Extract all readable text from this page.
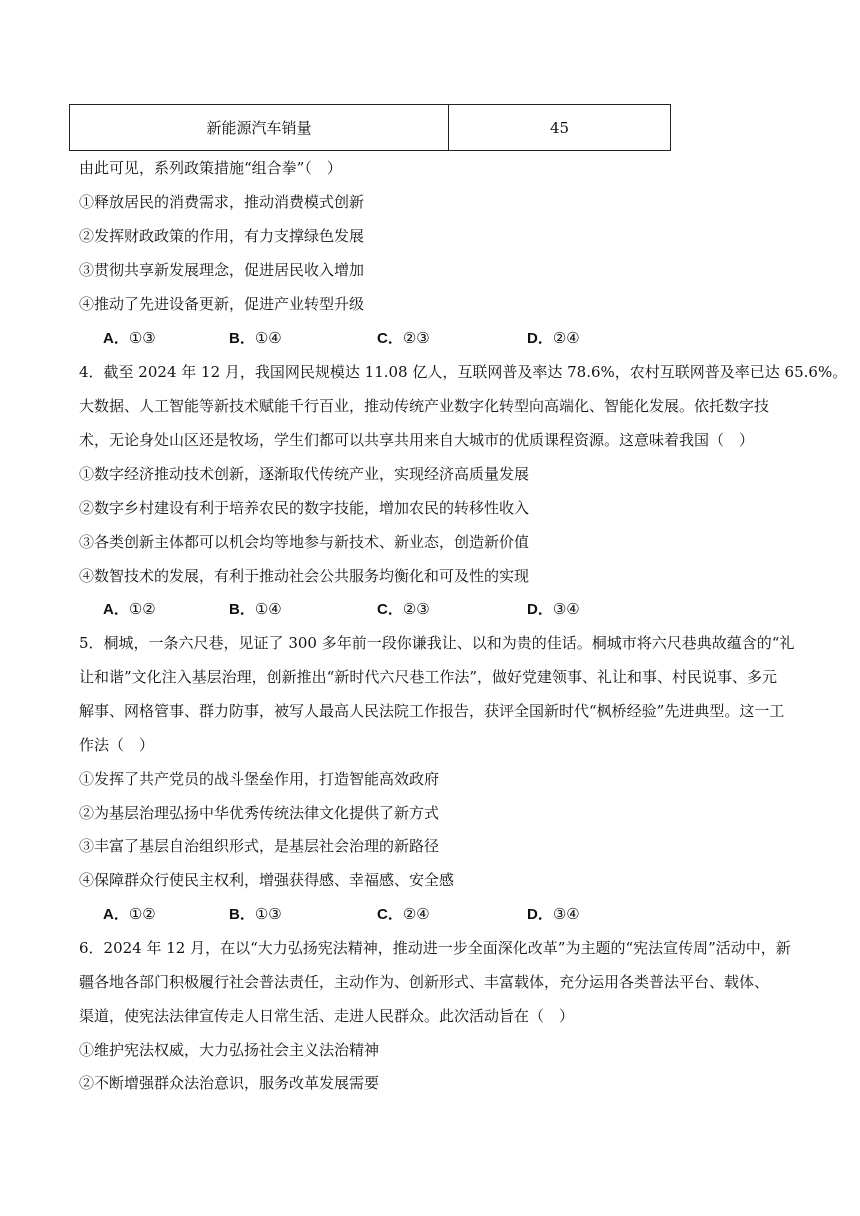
新能源汽车销量	45
由此可见，系列政策措施“组合拳”（　）
①释放居民的消费需求，推动消费模式创新
②发挥财政政策的作用，有力支撑绿色发展
③贯彻共享新发展理念，促进居民收入增加
④推动了先进设备更新，促进产业转型升级
A．①③	B．①④	C．②③	D．②④
4．截至 2024 年 12 月，我国网民规模达 11.08 亿人，互联网普及率达 78.6%，农村互联网普及率已达 65.6%。
大数据、人工智能等新技术赋能千行百业，推动传统产业数字化转型向高端化、智能化发展。依托数字技
术，无论身处山区还是牧场，学生们都可以共享共用来自大城市的优质课程资源。这意味着我国（　）
①数字经济推动技术创新，逐渐取代传统产业，实现经济高质量发展
②数字乡村建设有利于培养农民的数字技能，增加农民的转移性收入
③各类创新主体都可以机会均等地参与新技术、新业态，创造新价值
④数智技术的发展，有利于推动社会公共服务均衡化和可及性的实现
A．①②	B．①④	C．②③	D．③④
5．桐城，一条六尺巷，见证了 300 多年前一段你谦我让、以和为贵的佳话。桐城市将六尺巷典故蕴含的“礼
让和谐”文化注入基层治理，创新推出“新时代六尺巷工作法”，做好党建领事、礼让和事、村民说事、多元
解事、网格管事、群力防事，被写人最高人民法院工作报告，获评全国新时代“枫桥经验”先进典型。这一工
作法（　）
①发挥了共产党员的战斗堡垒作用，打造智能高效政府
②为基层治理弘扬中华优秀传统法律文化提供了新方式
③丰富了基层自治组织形式，是基层社会治理的新路径
④保障群众行使民主权利，增强获得感、幸福感、安全感
A．①②	B．①③	C．②④	D．③④
6．2024 年 12 月，在以“大力弘扬宪法精神，推动进一步全面深化改革”为主题的“宪法宣传周”活动中，新
疆各地各部门积极履行社会普法责任，主动作为、创新形式、丰富载体，充分运用各类普法平台、载体、
渠道，使宪法法律宣传走人日常生活、走进人民群众。此次活动旨在（　）
①维护宪法权威，大力弘扬社会主义法治精神
②不断增强群众法治意识，服务改革发展需要
